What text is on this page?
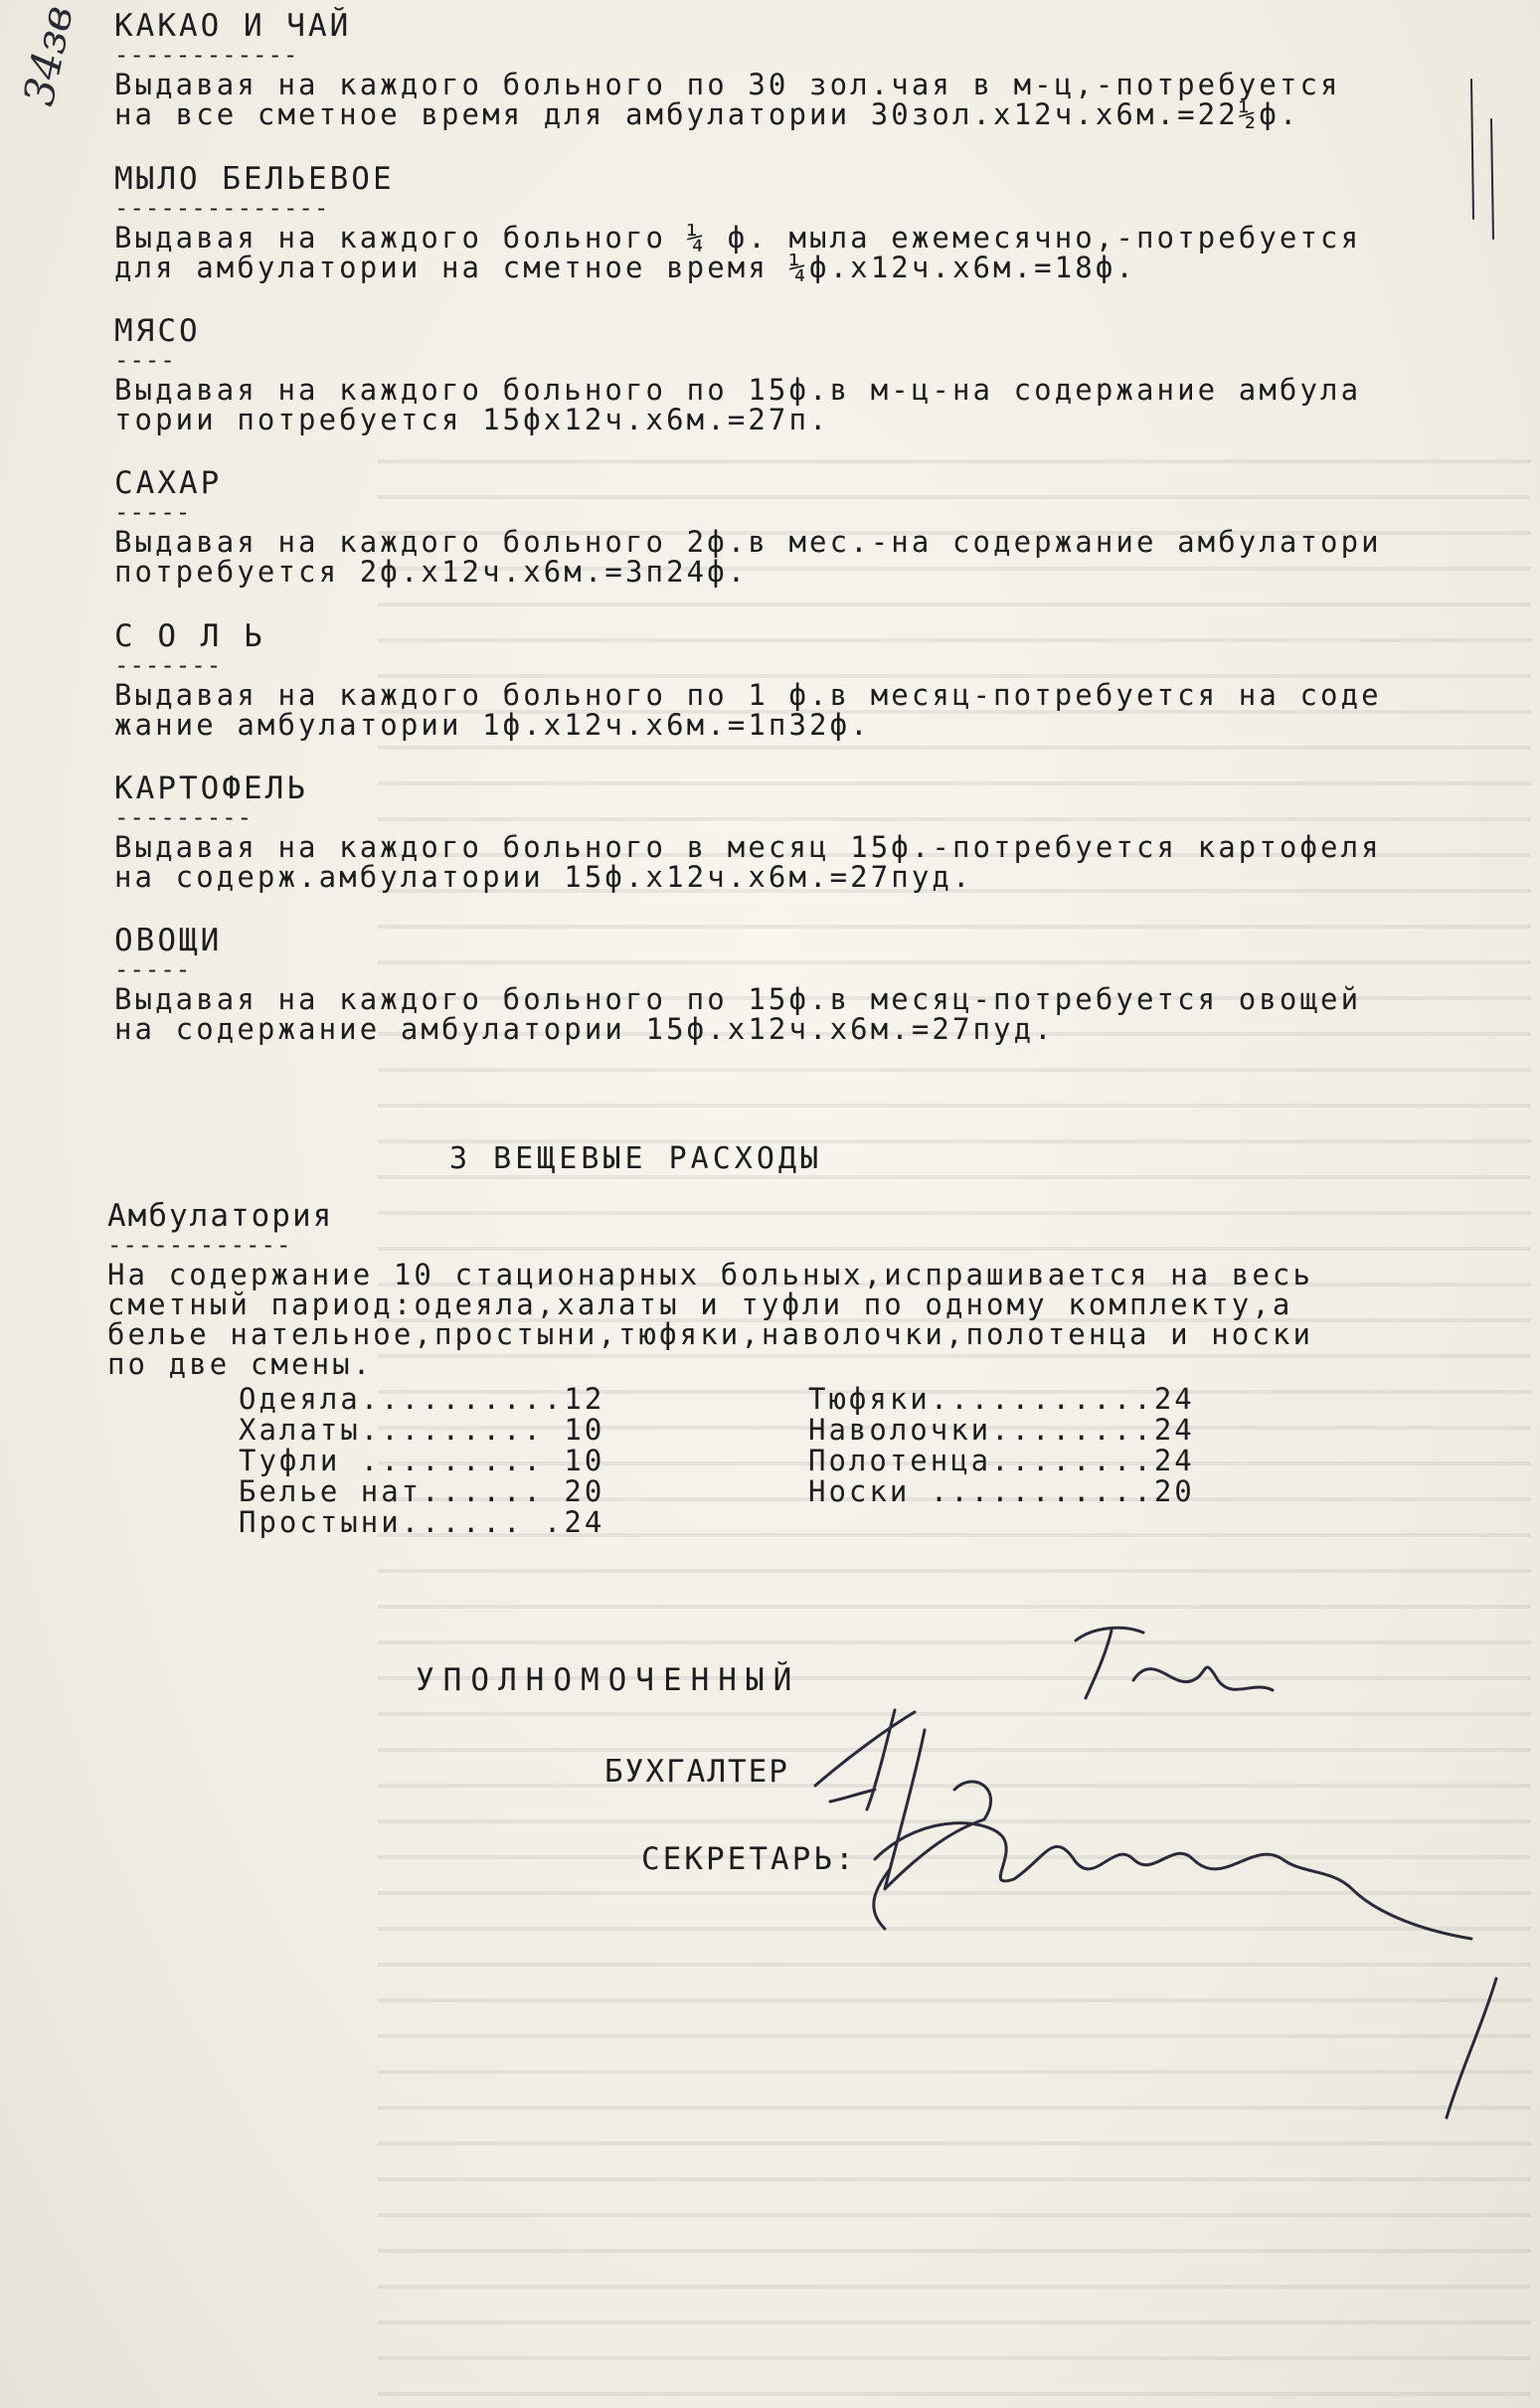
34зв КАКАО И ЧАЙ

------------

Выдавая на каждого больного по 30 зол.чая в м-ц,-потребуется

на все сметное время для амбулатории 30зол.х12ч.х6м.=22½ф.

МЫЛО БЕЛЬЕВОЕ

--------------

Выдавая на каждого больного ¼ ф. мыла ежемесячно,-потребуется

для амбулатории на сметное время ¼ф.х12ч.х6м.=18ф.

МЯСО

----

Выдавая на каждого больного по 15ф.в м-ц-на содержание амбула

тории потребуется 15фх12ч.х6м.=27п.

САХАР

-----

Выдавая на каждого больного 2ф.в мес.-на содержание амбулатори

потребуется 2ф.х12ч.х6м.=3п24ф.

С О Л Ь

-------

Выдавая на каждого больного по 1 ф.в месяц-потребуется на соде

жание амбулатории 1ф.х12ч.х6м.=1п32ф.

КАРТОФЕЛЬ

---------

Выдавая на каждого больного в месяц 15ф.-потребуется картофеля

на содерж.амбулатории 15ф.х12ч.х6м.=27пуд.

ОВОЩИ

-----

Выдавая на каждого больного по 15ф.в месяц-потребуется овощей

на содержание амбулатории 15ф.х12ч.х6м.=27пуд.

3 ВЕЩЕВЫЕ РАСХОДЫ

Амбулатория

------------

На содержание 10 стационарных больных,испрашивается на весь

сметный париод:одеяла,халаты и туфли по одному комплекту,а

белье нательное,простыни,тюфяки,наволочки,полотенца и носки

по две смены.

Одеяла..........12
Халаты......... 10
Туфли ......... 10
Белье нат...... 20
Простыни...... .24
Тюфяки...........24
Наволочки........24
Полотенца........24
Носки ...........20
УПОЛНОМОЧЕННЫЙ
БУХГАЛТЕР
СЕКРЕТАРЬ:
